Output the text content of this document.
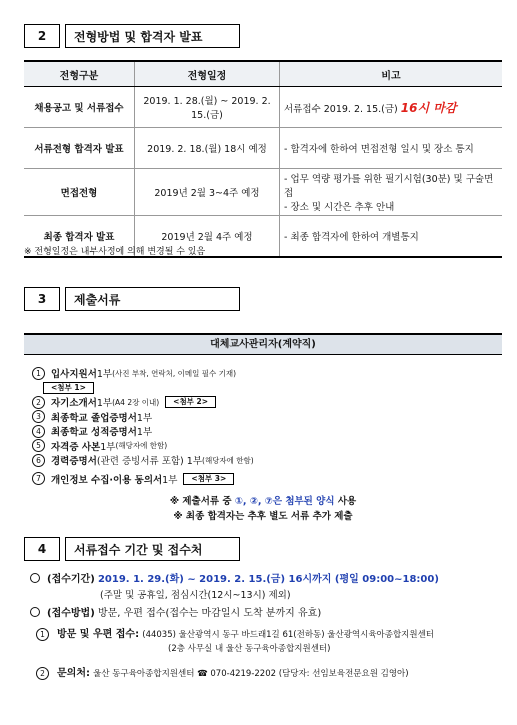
2	전형방법 및 합격자 발표
전형구분	전형일정	비고
채용공고 및 서류접수	2019. 1. 28.(월) ~ 2019. 2. 15.(금)	서류접수 2019. 2. 15.(금) 16시 마감
서류전형 합격자 발표	2019. 2. 18.(월) 18시 예정	- 합격자에 한하여 면접전형 일시 및 장소 통지
면접전형	2019년 2월 3~4주 예정	- 업무 역량 평가를 위한 필기시험(30분) 및 구술면접
- 장소 및 시간은 추후 안내

최종 합격자 발표	2019년 2월 4주 예정	- 최종 합격자에 한하여 개별통지
※ 전형일정은 내부사정에 의해 변경될 수 있음
3	제출서류
대체교사관리자(계약직)
1	입사지원서 1부 (사진 부착, 연락처, 이메일 필수 기재)
<첨부 1>
2	자기소개서 1부 (A4 2장 이내)	<첨부 2>
3	최종학교 졸업증명서 1부
4	최종학교 성적증명서 1부
5	자격증 사본 1부 (해당자에 한함)
6	경력증명서 (관련 증빙서류 포함) 1부 (해당자에 한함)
7	개인정보 수집·이용 동의서 1부	<첨부 3>
※ 제출서류 중 ①, ②, ⑦은 첨부된 양식 사용
※ 최종 합격자는 추후 별도 서류 추가 제출
4	서류접수 기간 및 접수처
(접수기간) 2019. 1. 29.(화) ~ 2019. 2. 15.(금) 16시까지 (평일 09:00~18:00)
(주말 및 공휴일, 점심시간(12시~13시) 제외)
(접수방법) 방문, 우편 접수(접수는 마감일시 도착 분까지 유효)
1 방문 및 우편 접수: (44035) 울산광역시 동구 바드래1길 61(전하동) 울산광역시육아종합지원센터
(2층 사무실 내 울산 동구육아종합지원센터)
2 문의처: 울산 동구육아종합지원센터 ☎ 070-4219-2202 (담당자: 선임보육전문요원 김영아)
